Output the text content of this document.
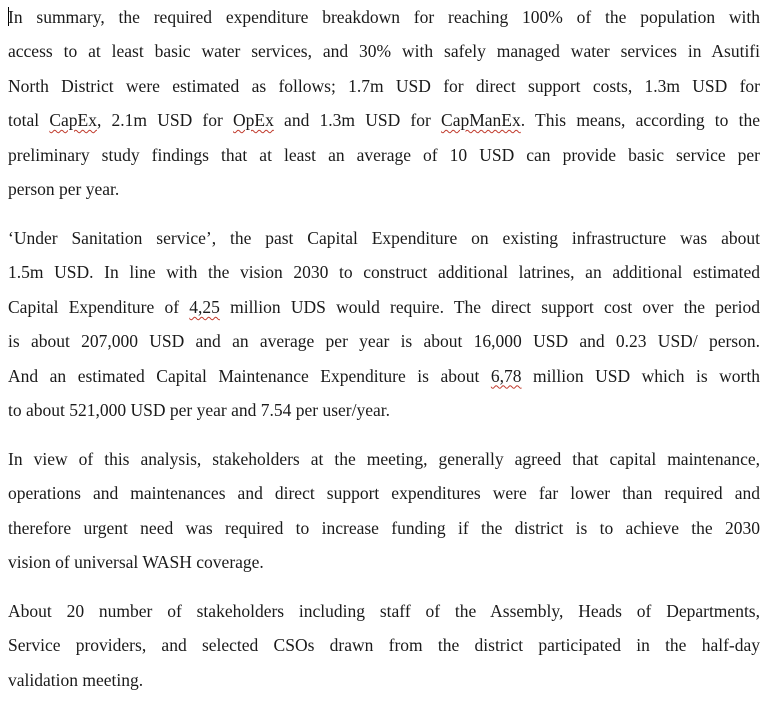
In summary, the required expenditure breakdown for reaching 100% of the population with
access to at least basic water services, and 30% with safely managed water services in Asutifi
North District were estimated as follows; 1.7m USD for direct support costs, 1.3m USD for
total CapEx, 2.1m USD for OpEx and 1.3m USD for CapManEx. This means, according to the
preliminary study findings that at least an average of 10 USD can provide basic service per
person per year.

‘Under Sanitation service’, the past Capital Expenditure on existing infrastructure was about
1.5m USD. In line with the vision 2030 to construct additional latrines, an additional estimated
Capital Expenditure of 4,25 million UDS would require. The direct support cost over the period
is about 207,000 USD and an average per year is about 16,000 USD and 0.23 USD/ person.
And an estimated Capital Maintenance Expenditure is about 6,78 million USD which is worth
to about 521,000 USD per year and 7.54 per user/year.

In view of this analysis, stakeholders at the meeting, generally agreed that capital maintenance,
operations and maintenances and direct support expenditures were far lower than required and
therefore urgent need was required to increase funding if the district is to achieve the 2030
vision of universal WASH coverage.

About 20 number of stakeholders including staff of the Assembly, Heads of Departments,
Service providers, and selected CSOs drawn from the district participated in the half-day
validation meeting.
